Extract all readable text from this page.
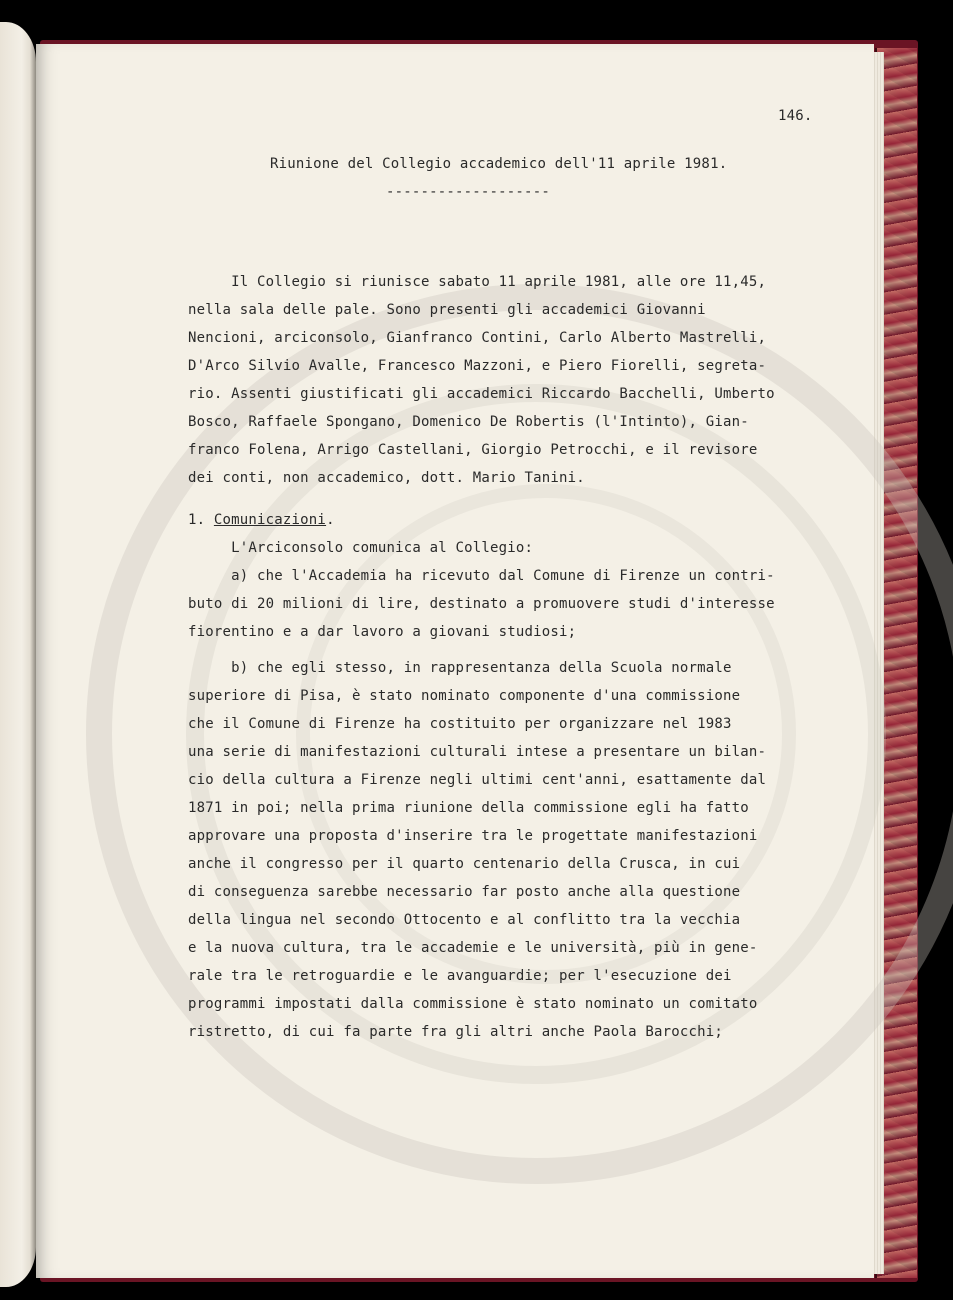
146.
Riunione del Collegio accademico dell'11 aprile 1981.
-------------------
Il Collegio si riunisce sabato 11 aprile 1981, alle ore 11,45,
nella sala delle pale. Sono presenti gli accademici Giovanni
Nencioni, arciconsolo, Gianfranco Contini, Carlo Alberto Mastrelli,
D'Arco Silvio Avalle, Francesco Mazzoni, e Piero Fiorelli, segreta-
rio. Assenti giustificati gli accademici Riccardo Bacchelli, Umberto
Bosco, Raffaele Spongano, Domenico De Robertis (l'Intinto), Gian-
franco Folena, Arrigo Castellani, Giorgio Petrocchi, e il revisore
dei conti, non accademico, dott. Mario Tanini.
1. Comunicazioni.
L'Arciconsolo comunica al Collegio:
a) che l'Accademia ha ricevuto dal Comune di Firenze un contri-
buto di 20 milioni di lire, destinato a promuovere studi d'interesse
fiorentino e a dar lavoro a giovani studiosi;
b) che egli stesso, in rappresentanza della Scuola normale
superiore di Pisa, è stato nominato componente d'una commissione
che il Comune di Firenze ha costituito per organizzare nel 1983
una serie di manifestazioni culturali intese a presentare un bilan-
cio della cultura a Firenze negli ultimi cent'anni, esattamente dal
1871 in poi; nella prima riunione della commissione egli ha fatto
approvare una proposta d'inserire tra le progettate manifestazioni
anche il congresso per il quarto centenario della Crusca, in cui
di conseguenza sarebbe necessario far posto anche alla questione
della lingua nel secondo Ottocento e al conflitto tra la vecchia
e la nuova cultura, tra le accademie e le università, più in gene-
rale tra le retroguardie e le avanguardie; per l'esecuzione dei
programmi impostati dalla commissione è stato nominato un comitato
ristretto, di cui fa parte fra gli altri anche Paola Barocchi;
